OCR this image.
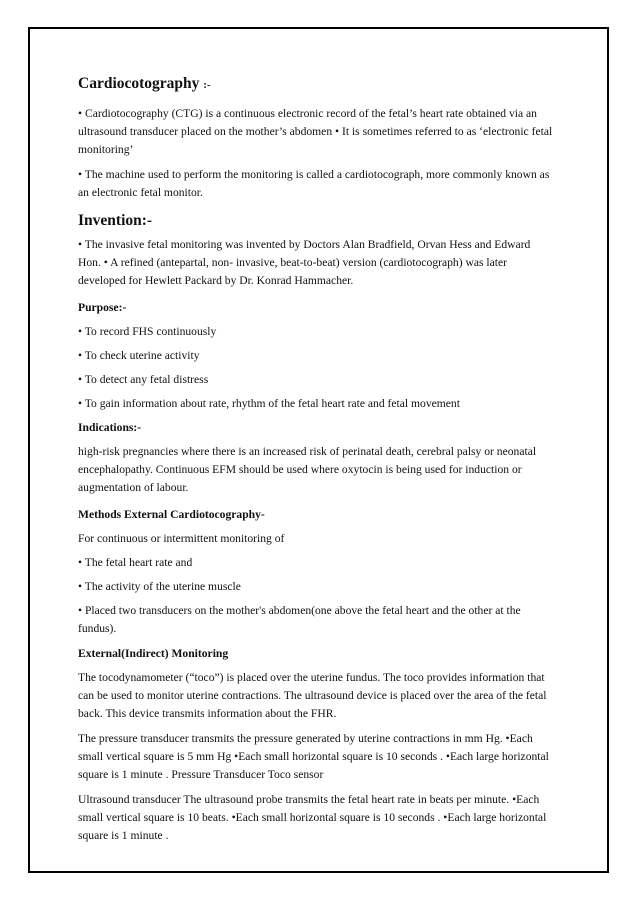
Cardiocotography :-

• Cardiotocography (CTG) is a continuous electronic record of the fetal’s heart rate obtained via an ultrasound transducer placed on the mother’s abdomen • It is sometimes referred to as ‘electronic fetal monitoring’

• The machine used to perform the monitoring is called a cardiotocograph, more commonly known as an electronic fetal monitor.

Invention:-

• The invasive fetal monitoring was invented by Doctors Alan Bradfield, Orvan Hess and Edward Hon. • A refined (antepartal, non- invasive, beat-to-beat) version (cardiotocograph) was later developed for Hewlett Packard by Dr. Konrad Hammacher.

Purpose:-

• To record FHS continuously

• To check uterine activity

• To detect any fetal distress

• To gain information about rate, rhythm of the fetal heart rate and fetal movement

Indications:-

high-risk pregnancies where there is an increased risk of perinatal death, cerebral palsy or neonatal encephalopathy. Continuous EFM should be used where oxytocin is being used for induction or augmentation of labour.

Methods External Cardiotocography-

For continuous or intermittent monitoring of

• The fetal heart rate and

• The activity of the uterine muscle

• Placed two transducers on the mother's abdomen(one above the fetal heart and the other at the fundus).

External(Indirect) Monitoring

The tocodynamometer (“toco”) is placed over the uterine fundus. The toco provides information that can be used to monitor uterine contractions. The ultrasound device is placed over the area of the fetal back. This device transmits information about the FHR.

The pressure transducer transmits the pressure generated by uterine contractions in mm Hg. •Each small vertical square is 5 mm Hg •Each small horizontal square is 10 seconds . •Each large horizontal square is 1 minute . Pressure Transducer Toco sensor

Ultrasound transducer The ultrasound probe transmits the fetal heart rate in beats per minute. •Each small vertical square is 10 beats. •Each small horizontal square is 10 seconds . •Each large horizontal square is 1 minute .
